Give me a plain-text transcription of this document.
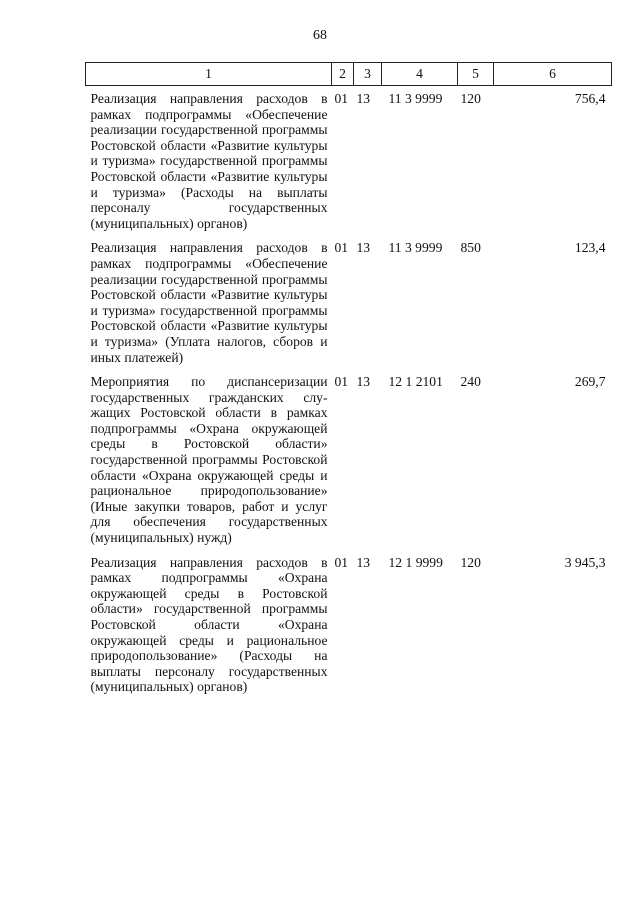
68
1	2	3	4	5	6
Реализация направления расходов в рамках подпрограммы «Обеспечение реализации государственной программы Ростовской области «Развитие культуры и туризма» государственной программы Ростовской области «Развитие культуры и туризма» (Расходы на выплаты персоналу государственных (муниципальных) органов)	01	13	11 3 9999	120	756,4
Реализация направления расходов в рамках подпрограммы «Обеспечение реализации государственной программы Ростовской области «Развитие культуры и туризма» государственной программы Ростовской области «Развитие культуры и туризма» (Уплата налогов, сборов и иных платежей)	01	13	11 3 9999	850	123,4
Мероприятия по диспансеризации государственных гражданских служащих Ростовской области в рамках подпрограммы «Охрана окружающей среды в Ростовской области» государственной программы Ростовской области «Охрана окружающей среды и рациональное природопользование» (Иные закупки товаров, работ и услуг для обеспечения государственных (муниципальных) нужд)	01	13	12 1 2101	240	269,7
Реализация направления расходов в рамках подпрограммы «Охрана окружающей среды в Ростовской области» государственной программы Ростовской области «Охрана окружающей среды и рациональное природопользование» (Расходы на выплаты персоналу государственных (муниципальных) органов)	01	13	12 1 9999	120	3 945,3
